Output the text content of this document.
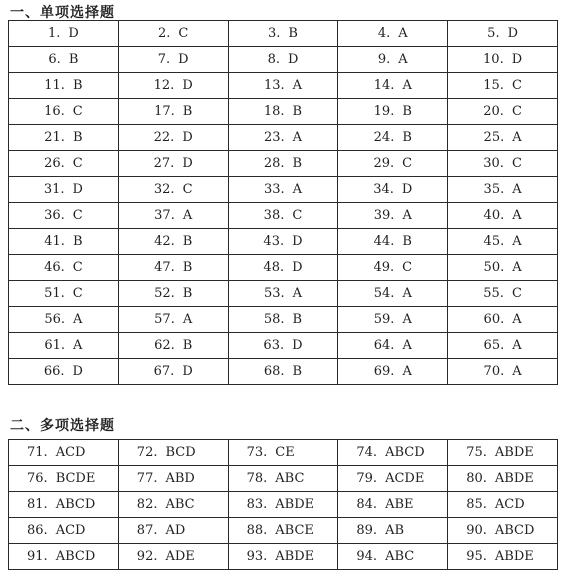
一、单项选择题
1. D	2. C	3. B	4. A	5. D

6. B	7. D	8. D	9. A	10. D

11. B	12. D	13. A	14. A	15. C

16. C	17. B	18. B	19. B	20. C

21. B	22. D	23. A	24. B	25. A

26. C	27. D	28. B	29. C	30. C

31. D	32. C	33. A	34. D	35. A

36. C	37. A	38. C	39. A	40. A

41. B	42. B	43. D	44. B	45. A

46. C	47. B	48. D	49. C	50. A

51. C	52. B	53. A	54. A	55. C

56. A	57. A	58. B	59. A	60. A

61. A	62. B	63. D	64. A	65. A

66. D	67. D	68. B	69. A	70. A
二、多项选择题
71. ACD	72. BCD	73. CE	74. ABCD	75. ABDE

76. BCDE	77. ABD	78. ABC	79. ACDE	80. ABDE

81. ABCD	82. ABC	83. ABDE	84. ABE	85. ACD

86. ACD	87. AD	88. ABCE	89. AB	90. ABCD

91. ABCD	92. ADE	93. ABDE	94. ABC	95. ABDE
